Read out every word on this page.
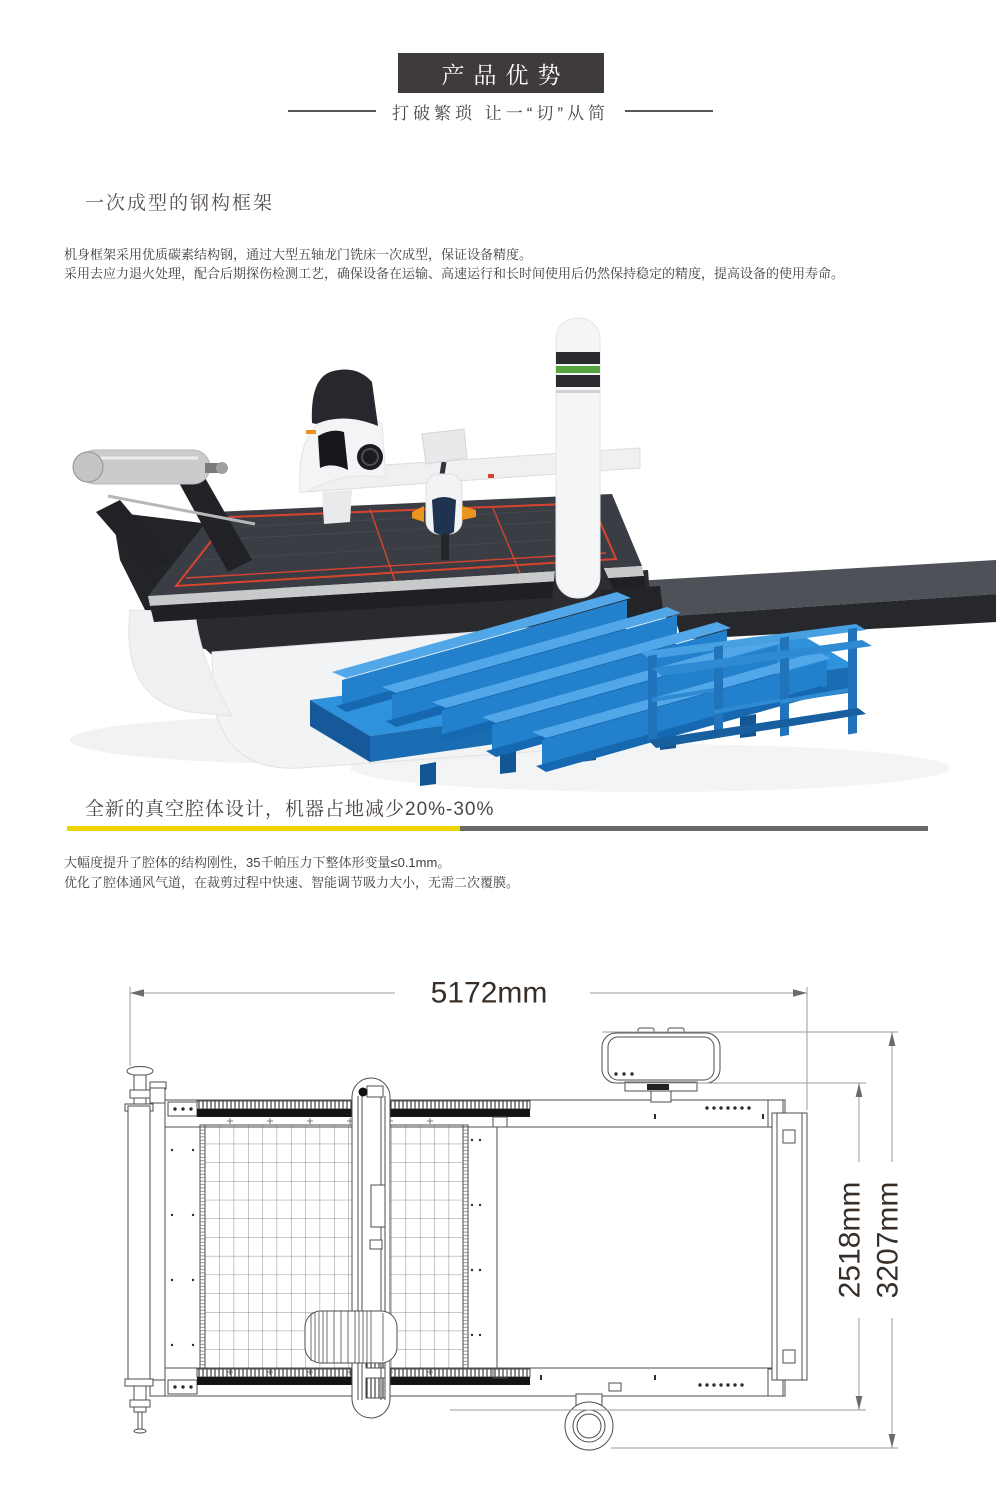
产品优势
打破繁琐 让一“切”从简
一次成型的钢构框架
机身框架采用优质碳素结构钢，通过大型五轴龙门铣床一次成型，保证设备精度。
采用去应力退火处理，配合后期探伤检测工艺，确保设备在运输、高速运行和长时间使用后仍然保持稳定的精度，提高设备的使用寿命。
全新的真空腔体设计，机器占地减少20%-30%
大幅度提升了腔体的结构刚性，35千帕压力下整体形变量≤0.1mm。
优化了腔体通风气道，在裁剪过程中快速、智能调节吸力大小，无需二次覆膜。
5172mm
2518mm 3207mm
